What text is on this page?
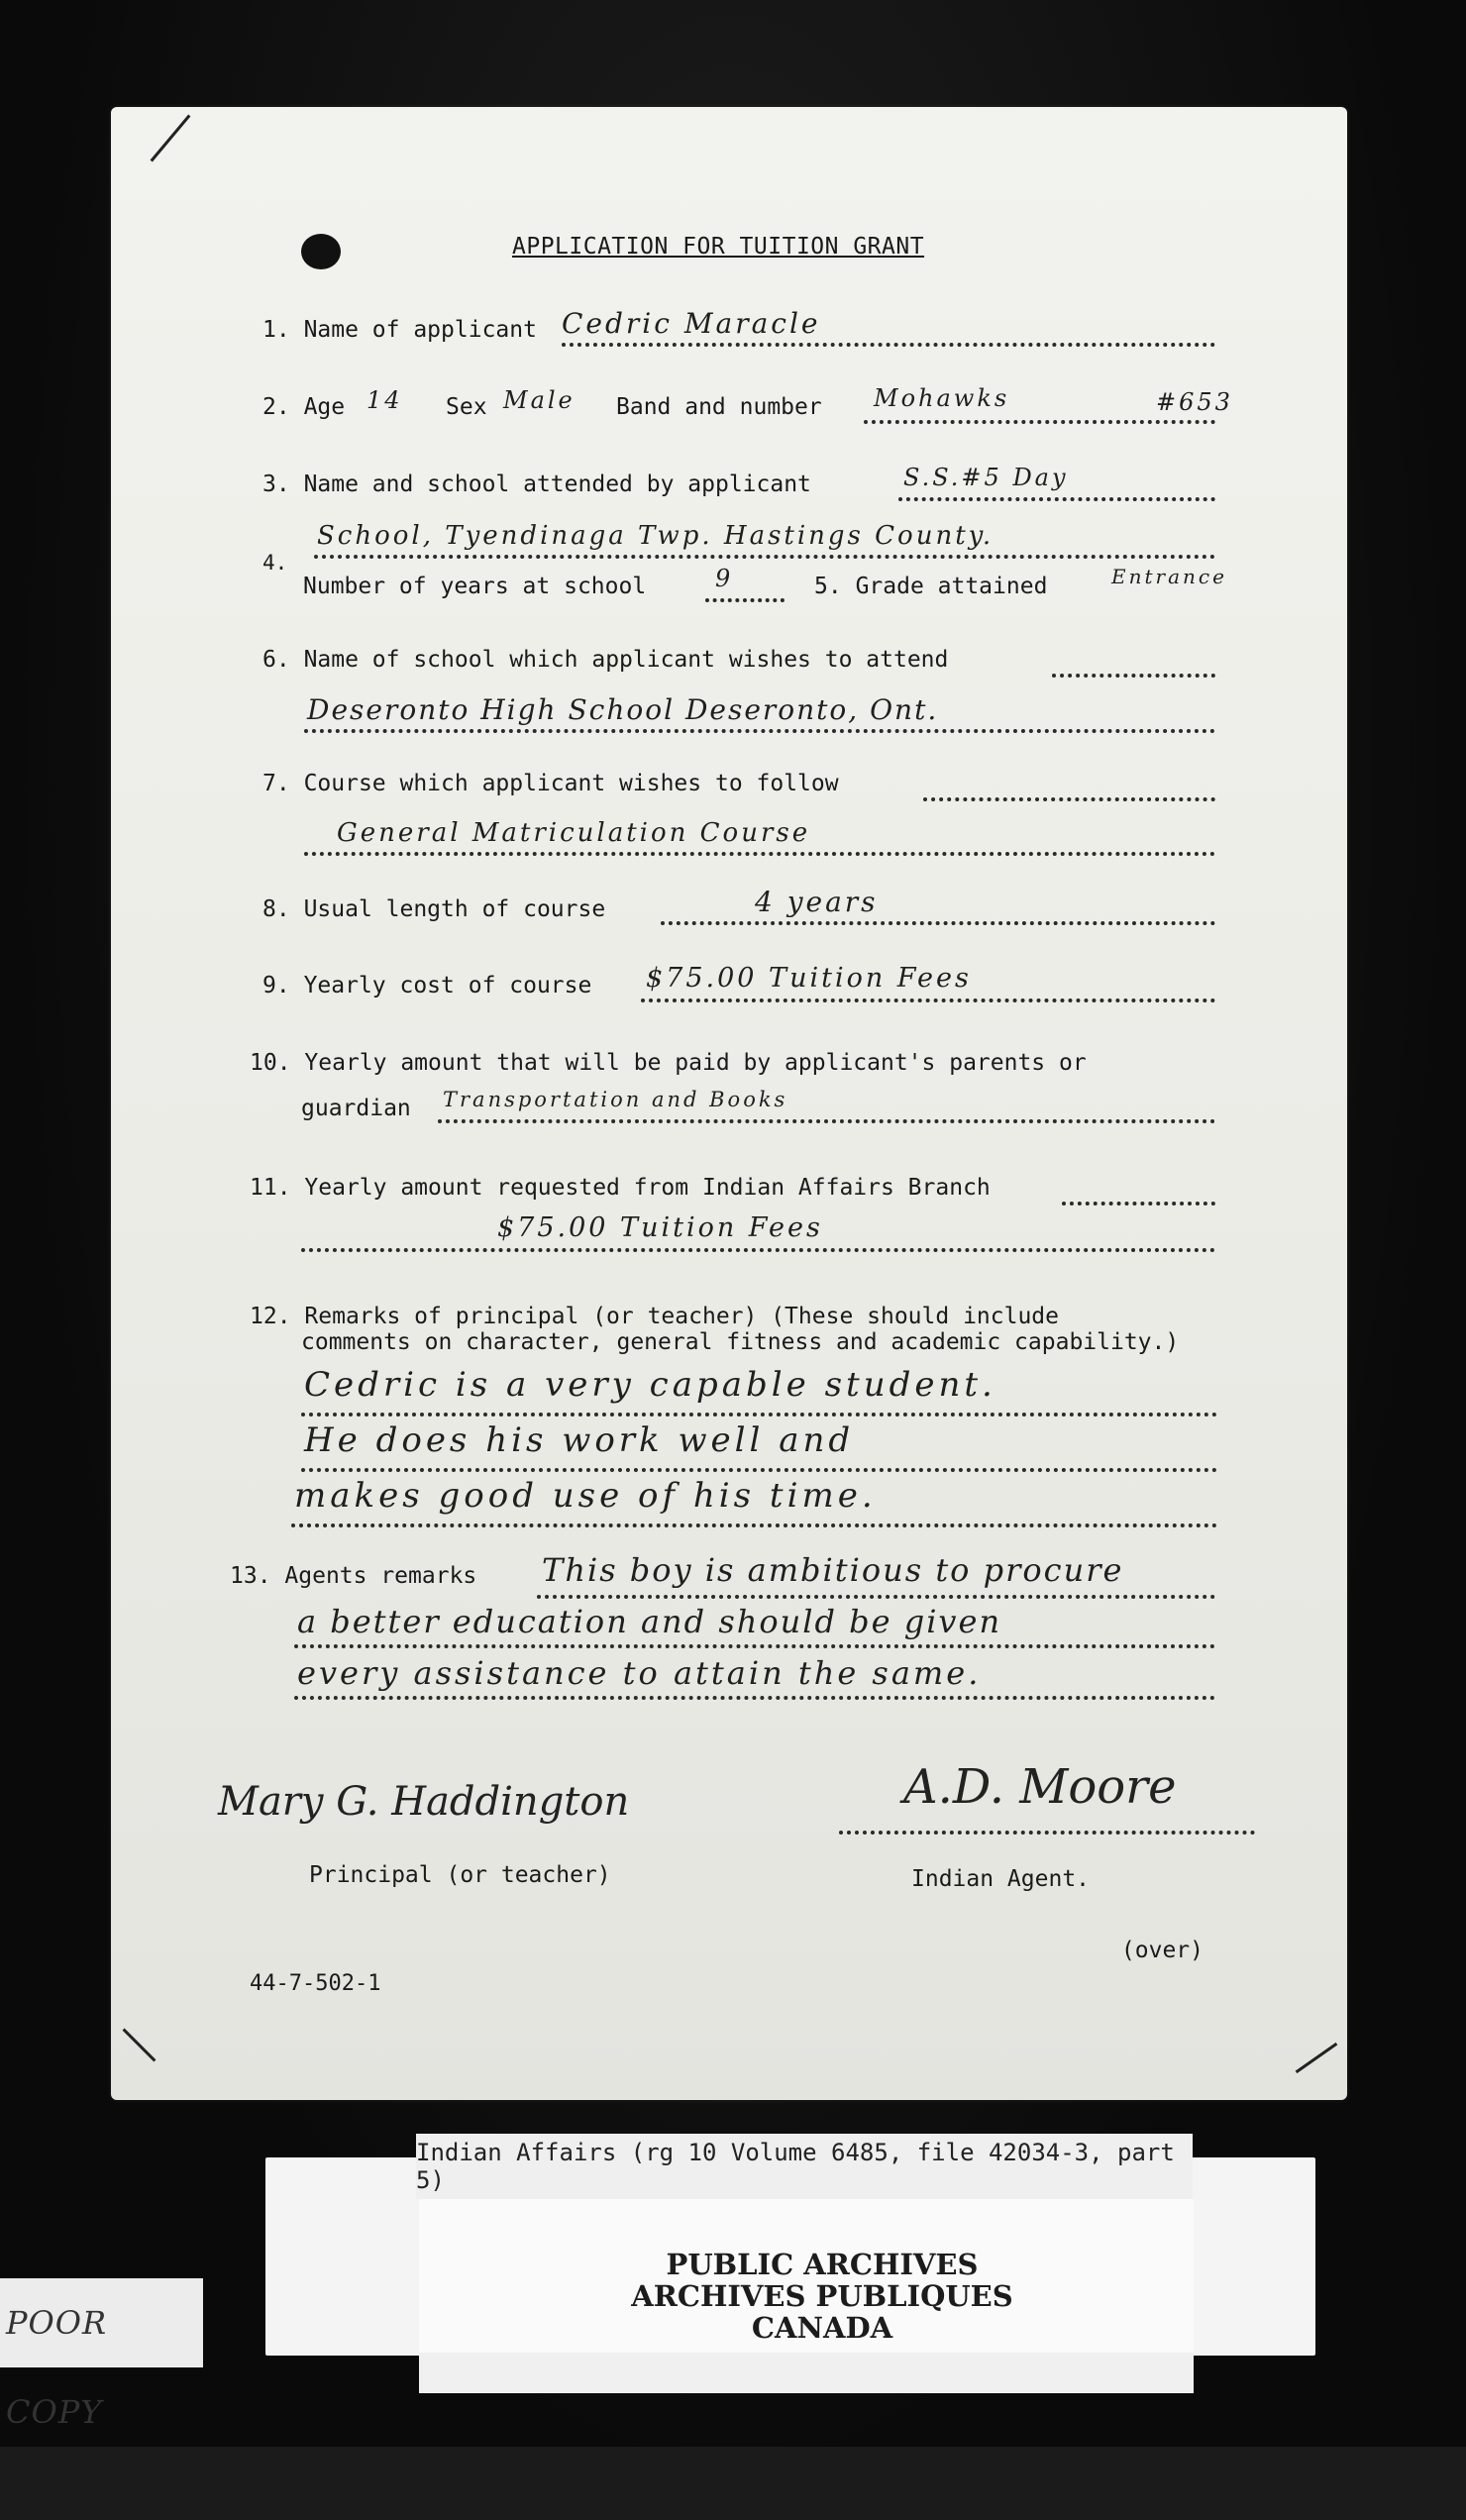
APPLICATION FOR TUITION GRANT
1. Name of applicant Cedric Maracle
2. Age 14 Sex Male Band and number Mohawks	#653
3. Name and school attended by applicant	S.S.#5 Day
School, Tyendinaga Twp. Hastings County.
4.
Number of years at school	9	5. Grade attained	Entrance
6. Name of school which applicant wishes to attend
Deseronto High School Deseronto, Ont.
7. Course which applicant wishes to follow
General Matriculation Course
8. Usual length of course	4 years
9. Yearly cost of course $75.00 Tuition Fees
10. Yearly amount that will be paid by applicant's parents or
guardian Transportation and Books
11. Yearly amount requested from Indian Affairs Branch
$75.00 Tuition Fees
12. Remarks of principal (or teacher) (These should include
comments on character, general fitness and academic capability.)
Cedric is a very capable student.
He does his work well and
makes good use of his time.
13. Agents remarks This boy is ambitious to procure
a better education and should be given
every assistance to attain the same.
Mary G. Haddington
Principal (or teacher)
A.D. Moore
Indian Agent.
(over)
44-7-502-1
Indian Affairs (rg 10 Volume 6485, file 42034-3, part 5)
PUBLIC ARCHIVES
ARCHIVES PUBLIQUES
CANADA
POOR COPY
